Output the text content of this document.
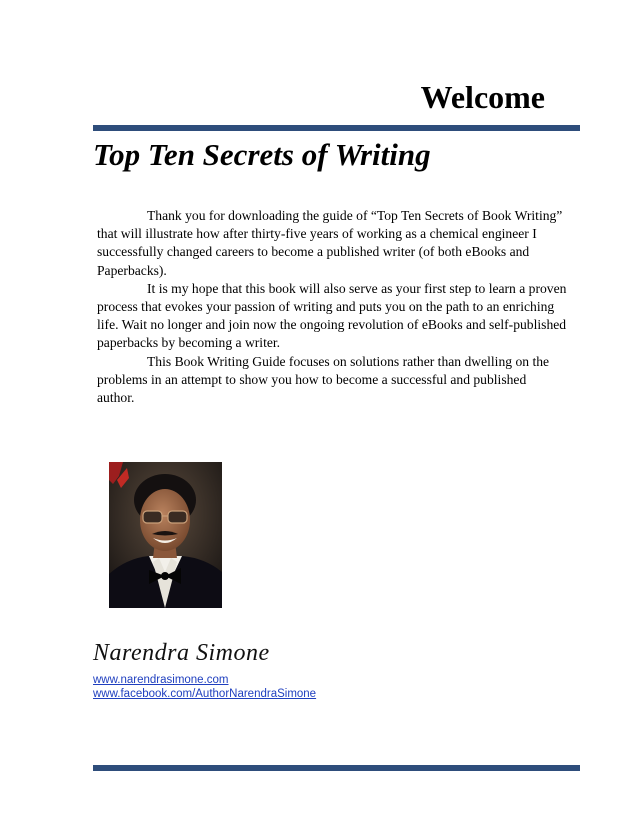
Welcome
Top Ten Secrets of Writing

Thank you for downloading the guide of “Top Ten Secrets of Book Writing” that will illustrate how after thirty-five years of working as a chemical engineer I successfully changed careers to become a published writer (of both eBooks and Paperbacks).

It is my hope that this book will also serve as your first step to learn a proven process that evokes your passion of writing and puts you on the path to an enriching life. Wait no longer and join now the ongoing revolution of eBooks and self-published paperbacks by becoming a writer.

This Book Writing Guide focuses on solutions rather than dwelling on the problems in an attempt to show you how to become a successful and published author.

Narendra Simone

www.narendrasimone.com
www.facebook.com/AuthorNarendraSimone
